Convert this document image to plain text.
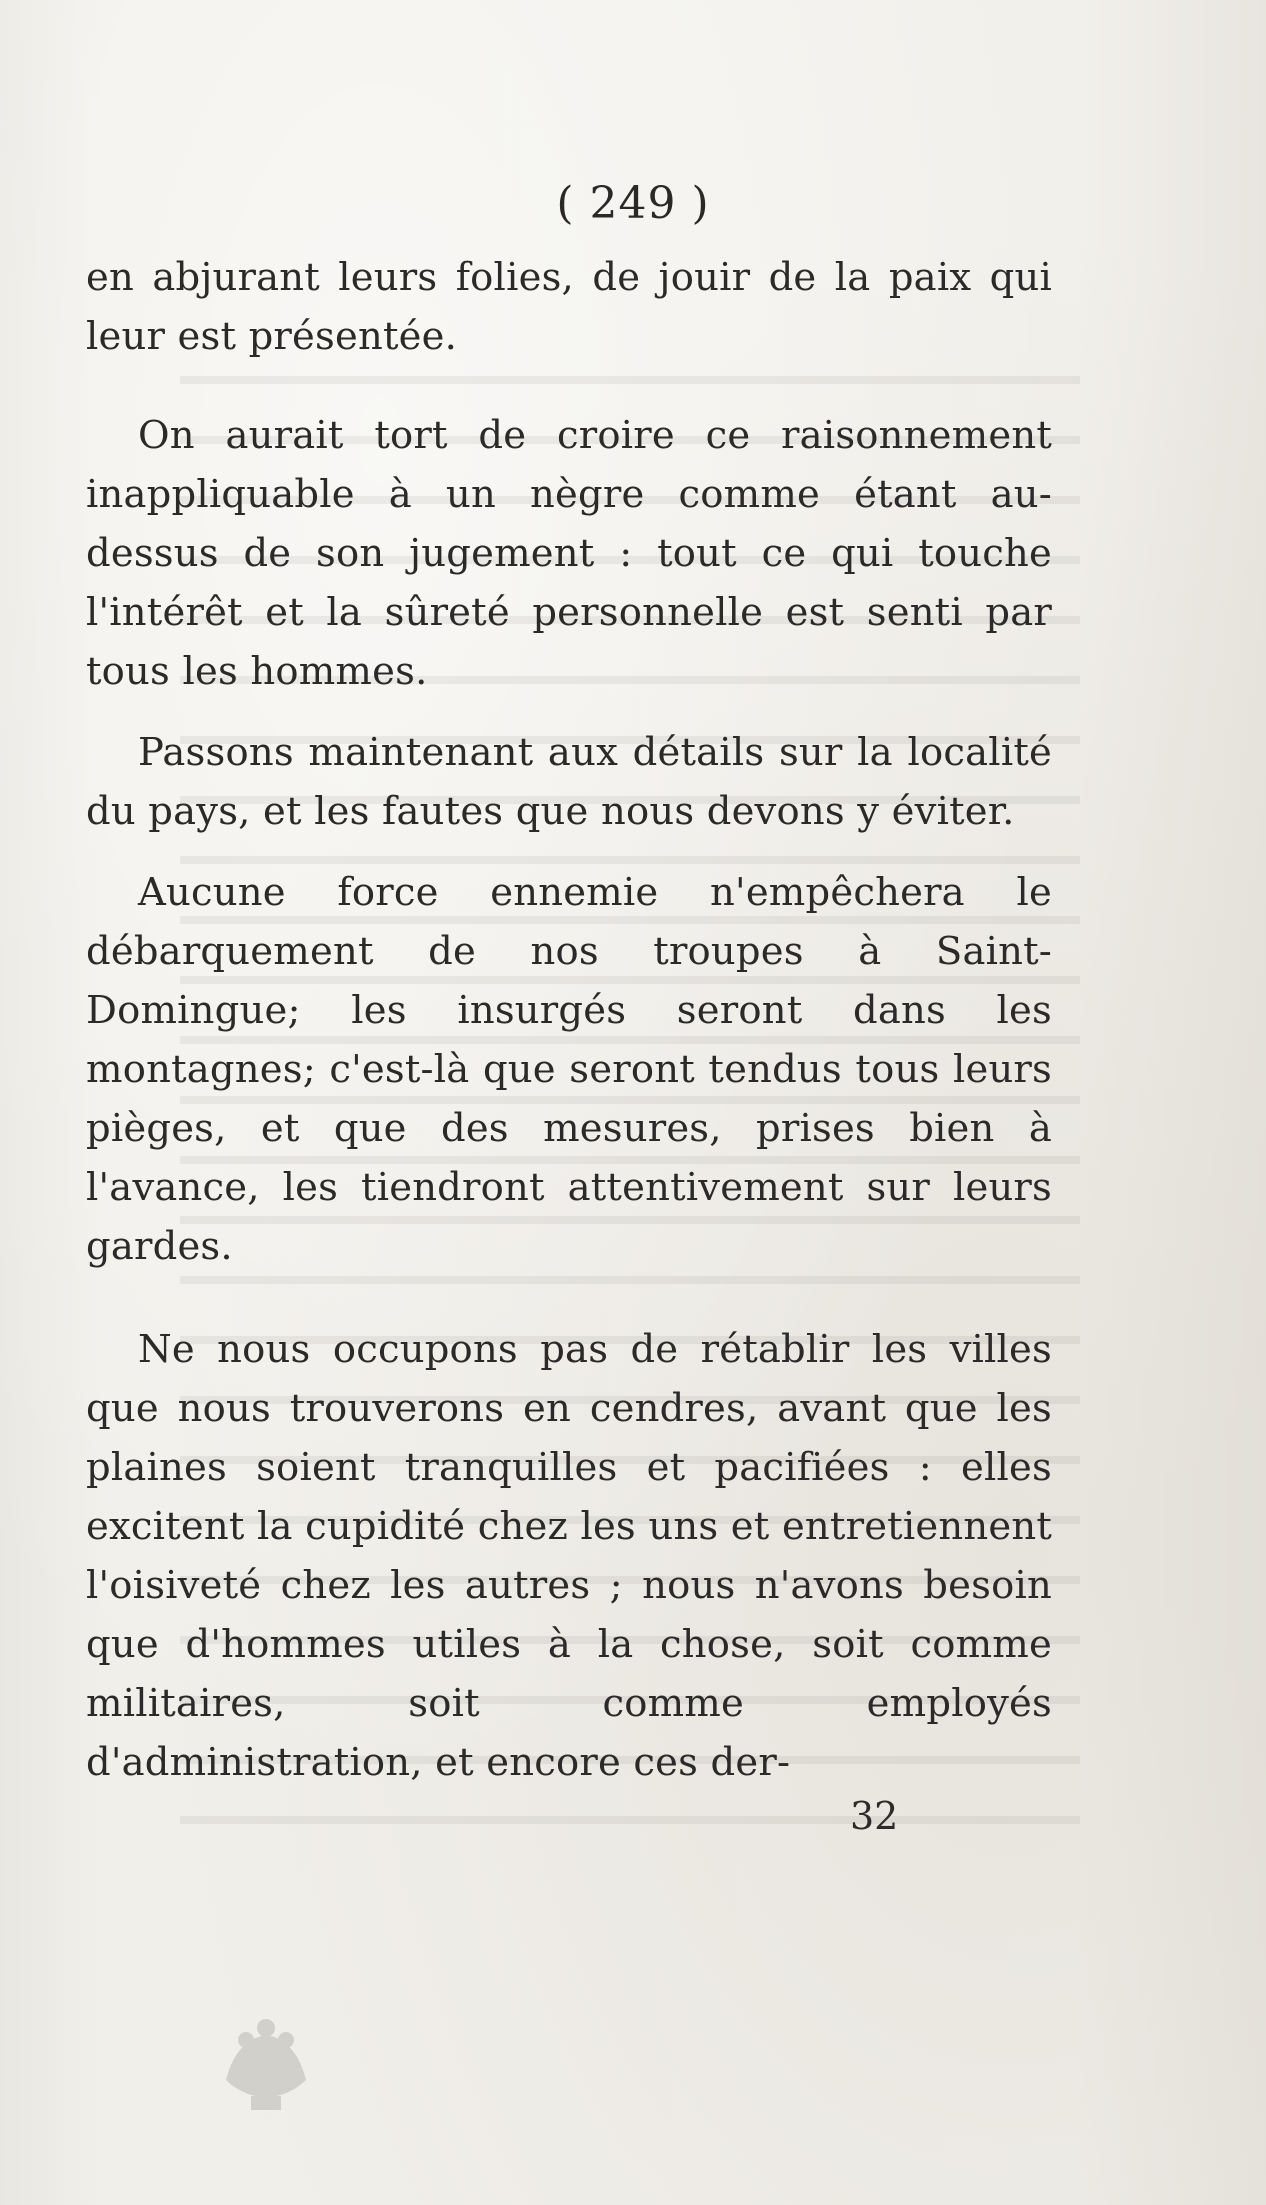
( 249 )

en abjurant leurs folies, de jouir de la paix qui leur est présentée.

On aurait tort de croire ce raisonnement inappliquable à un nègre comme étant au-dessus de son jugement : tout ce qui touche l'intérêt et la sûreté personnelle est senti par tous les hommes.

Passons maintenant aux détails sur la localité du pays, et les fautes que nous devons y éviter.

Aucune force ennemie n'empêchera le débarquement de nos troupes à Saint-Domingue; les insurgés seront dans les montagnes; c'est-là que seront tendus tous leurs pièges, et que des mesures, prises bien à l'avance, les tiendront attentivement sur leurs gardes.

Ne nous occupons pas de rétablir les villes que nous trouverons en cendres, avant que les plaines soient tranquilles et pacifiées : elles excitent la cupidité chez les uns et entretiennent l'oisiveté chez les autres ; nous n'avons besoin que d'hommes utiles à la chose, soit comme militaires, soit comme employés d'administration, et encore ces der-

32
